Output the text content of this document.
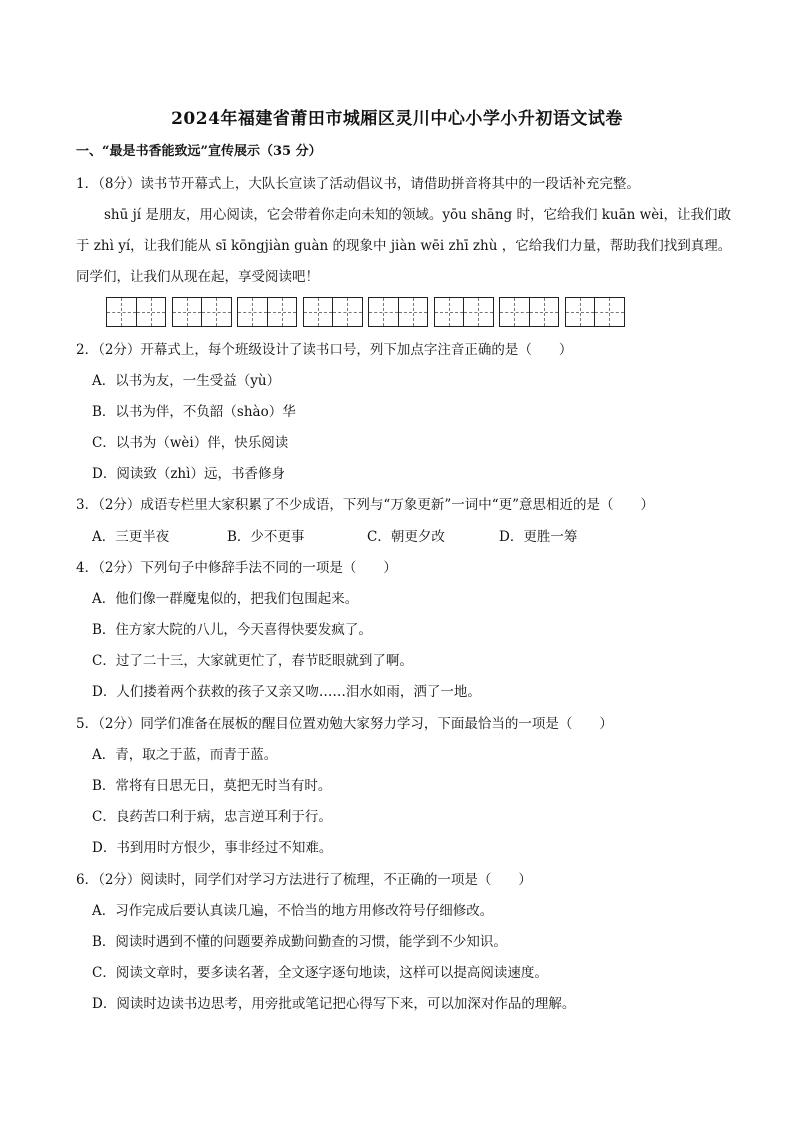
2024年福建省莆田市城厢区灵川中心小学小升初语文试卷
一、“最是书香能致远”宣传展示（35 分）
1．（8分）读书节开幕式上，大队长宣读了活动倡议书，请借助拼音将其中的一段话补充完整。
shū jí 是朋友，用心阅读，它会带着你走向未知的领域。yōu shāng 时，它给我们 kuān wèi，让我们敢
于 zhì yí，让我们能从 sī kōngjiàn guàn 的现象中 jiàn wēi zhī zhù ，它给我们力量，帮助我们找到真理。
同学们，让我们从现在起，享受阅读吧！
2．（2分）开幕式上，每个班级设计了读书口号，列下加点字注音正确的是（　　）
A．以书为友，一生受益（yù）
B．以书为伴，不负韶（shào）华
C．以书为（wèi）伴，快乐阅读
D．阅读致（zhì）远，书香修身
3．（2分）成语专栏里大家积累了不少成语，下列与“万象更新”一词中“更”意思相近的是（　　）
A．三更半夜	B．少不更事	C．朝更夕改	D．更胜一筹
4．（2分）下列句子中修辞手法不同的一项是（　　）
A．他们像一群魔鬼似的，把我们包围起来。
B．住方家大院的八儿，今天喜得快要发疯了。
C．过了二十三，大家就更忙了，春节眨眼就到了啊。
D．人们搂着两个获救的孩子又亲又吻……泪水如雨，洒了一地。
5．（2分）同学们准备在展板的醒目位置劝勉大家努力学习，下面最恰当的一项是（　　）
A．青，取之于蓝，而青于蓝。
B．常将有日思无日，莫把无时当有时。
C．良药苦口利于病，忠言逆耳利于行。
D．书到用时方恨少，事非经过不知难。
6．（2分）阅读时，同学们对学习方法进行了梳理，不正确的一项是（　　）
A．习作完成后要认真读几遍，不恰当的地方用修改符号仔细修改。
B．阅读时遇到不懂的问题要养成勤问勤查的习惯，能学到不少知识。
C．阅读文章时，要多读名著，全文逐字逐句地读，这样可以提高阅读速度。
D．阅读时边读书边思考，用旁批或笔记把心得写下来，可以加深对作品的理解。
